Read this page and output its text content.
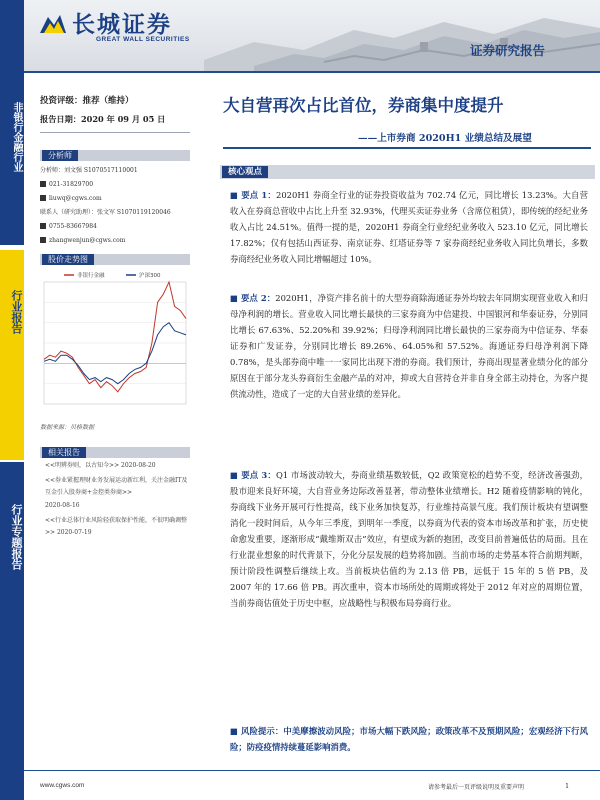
非银行金融行业
行业报告
行业专题报告
长城证券
GREAT WALL SECURITIES
证券研究报告
投资评级：推荐（维持）
报告日期：2020 年 09 月 05 日
大自营再次占比首位，券商集中度提升
——上市券商 2020H1 业绩总结及展望
分析师
分析师：刘文强 S1070517110001
021-31829700
liuwq@cgws.com
联系人（研究助理）：张文军 S1070119120046
0755-83667984
zhangwenjun@cgws.com
股价走势图
非银行金融	沪深300
数据来源：贝格数据
相关报告
<<明辨券则，以古知今>> 2020-08-20
<<券业紧握理财业务发展运动新红利，关注金融IT及互金引入股券商+金控类券商>>
2020-08-16
<<行业总体行业风险轻获取保护性能，不很明确调整>> 2020-07-19
核心观点

■ 要点 1：2020H1 券商全行业的证券投资收益为 702.74 亿元，同比增长 13.23%。大自营收入在券商总营收中占比上升至 32.93%，代理买卖证券业务（含席位租赁），即传统的经纪业务收入占比 24.51%。值得一提的是，2020H1 券商全行业经纪业务收入 523.10 亿元，同比增长 17.82%；仅有包括山西证券、南京证券、红塔证券等 7 家券商经纪业务收入同比负增长，多数券商经纪业务收入同比增幅超过 10%。

■ 要点 2：2020H1，净资产排名前十的大型券商除海通证券外均较去年同期实现营业收入和归母净利润的增长。营业收入同比增长最快的三家券商为中信建投、中国银河和华泰证券，分别同比增长 67.63%、52.20%和 39.92%；归母净利润同比增长最快的三家券商为中信证券、华泰证券和广发证券，分别同比增长 89.26%、64.05%和 57.52%。海通证券归母净利润下降 0.78%，是头部券商中唯一一家同比出现下滑的券商。我们预计，券商出现显著业绩分化的部分原因在于部分龙头券商衍生金融产品的对冲，抑或大自营持仓并非自身全部主动持仓，为客户提供流动性，造成了一定的大自营业绩的差异化。

■ 要点 3：Q1 市场波动较大，券商业绩基数较低，Q2 政策宽松的趋势不变，经济改善强劲，股市迎来良好环境，大自营业务边际改善显著，带动整体业绩增长。H2 随着疫情影响的钝化，券商线下业务开展可行性提高，线下业务加快复苏，行业维持高景气度。我们预计板块有望调整消化一段时间后，从今年三季度，到明年一季度，以券商为代表的资本市场改革和扩张，历史使命愈发重要，逐渐形成“戴维斯双击”效应，有望成为新的抱团，改变目前普遍低估的局面。且在行业混业想象的时代背景下，分化分层发展的趋势将加剧。当前市场的走势基本符合前期判断，预计阶段性调整后继续上攻。当前板块估值约为 2.13 倍 PB，远低于 15 年的 5 倍 PB，及 2007 年的 17.66 倍 PB。再次重申，资本市场所处的周期或将处于 2012 年对应的周期位置，当前券商估值处于历史中枢，应战略性与积极布局券商行业。

■ 风险提示：中美摩擦波动风险；市场大幅下跌风险；政策改革不及预期风险；宏观经济下行风险；防疫疫情持续蔓延影响消费。

www.cgws.com	请参考最后一页评级说明及重要声明	1
